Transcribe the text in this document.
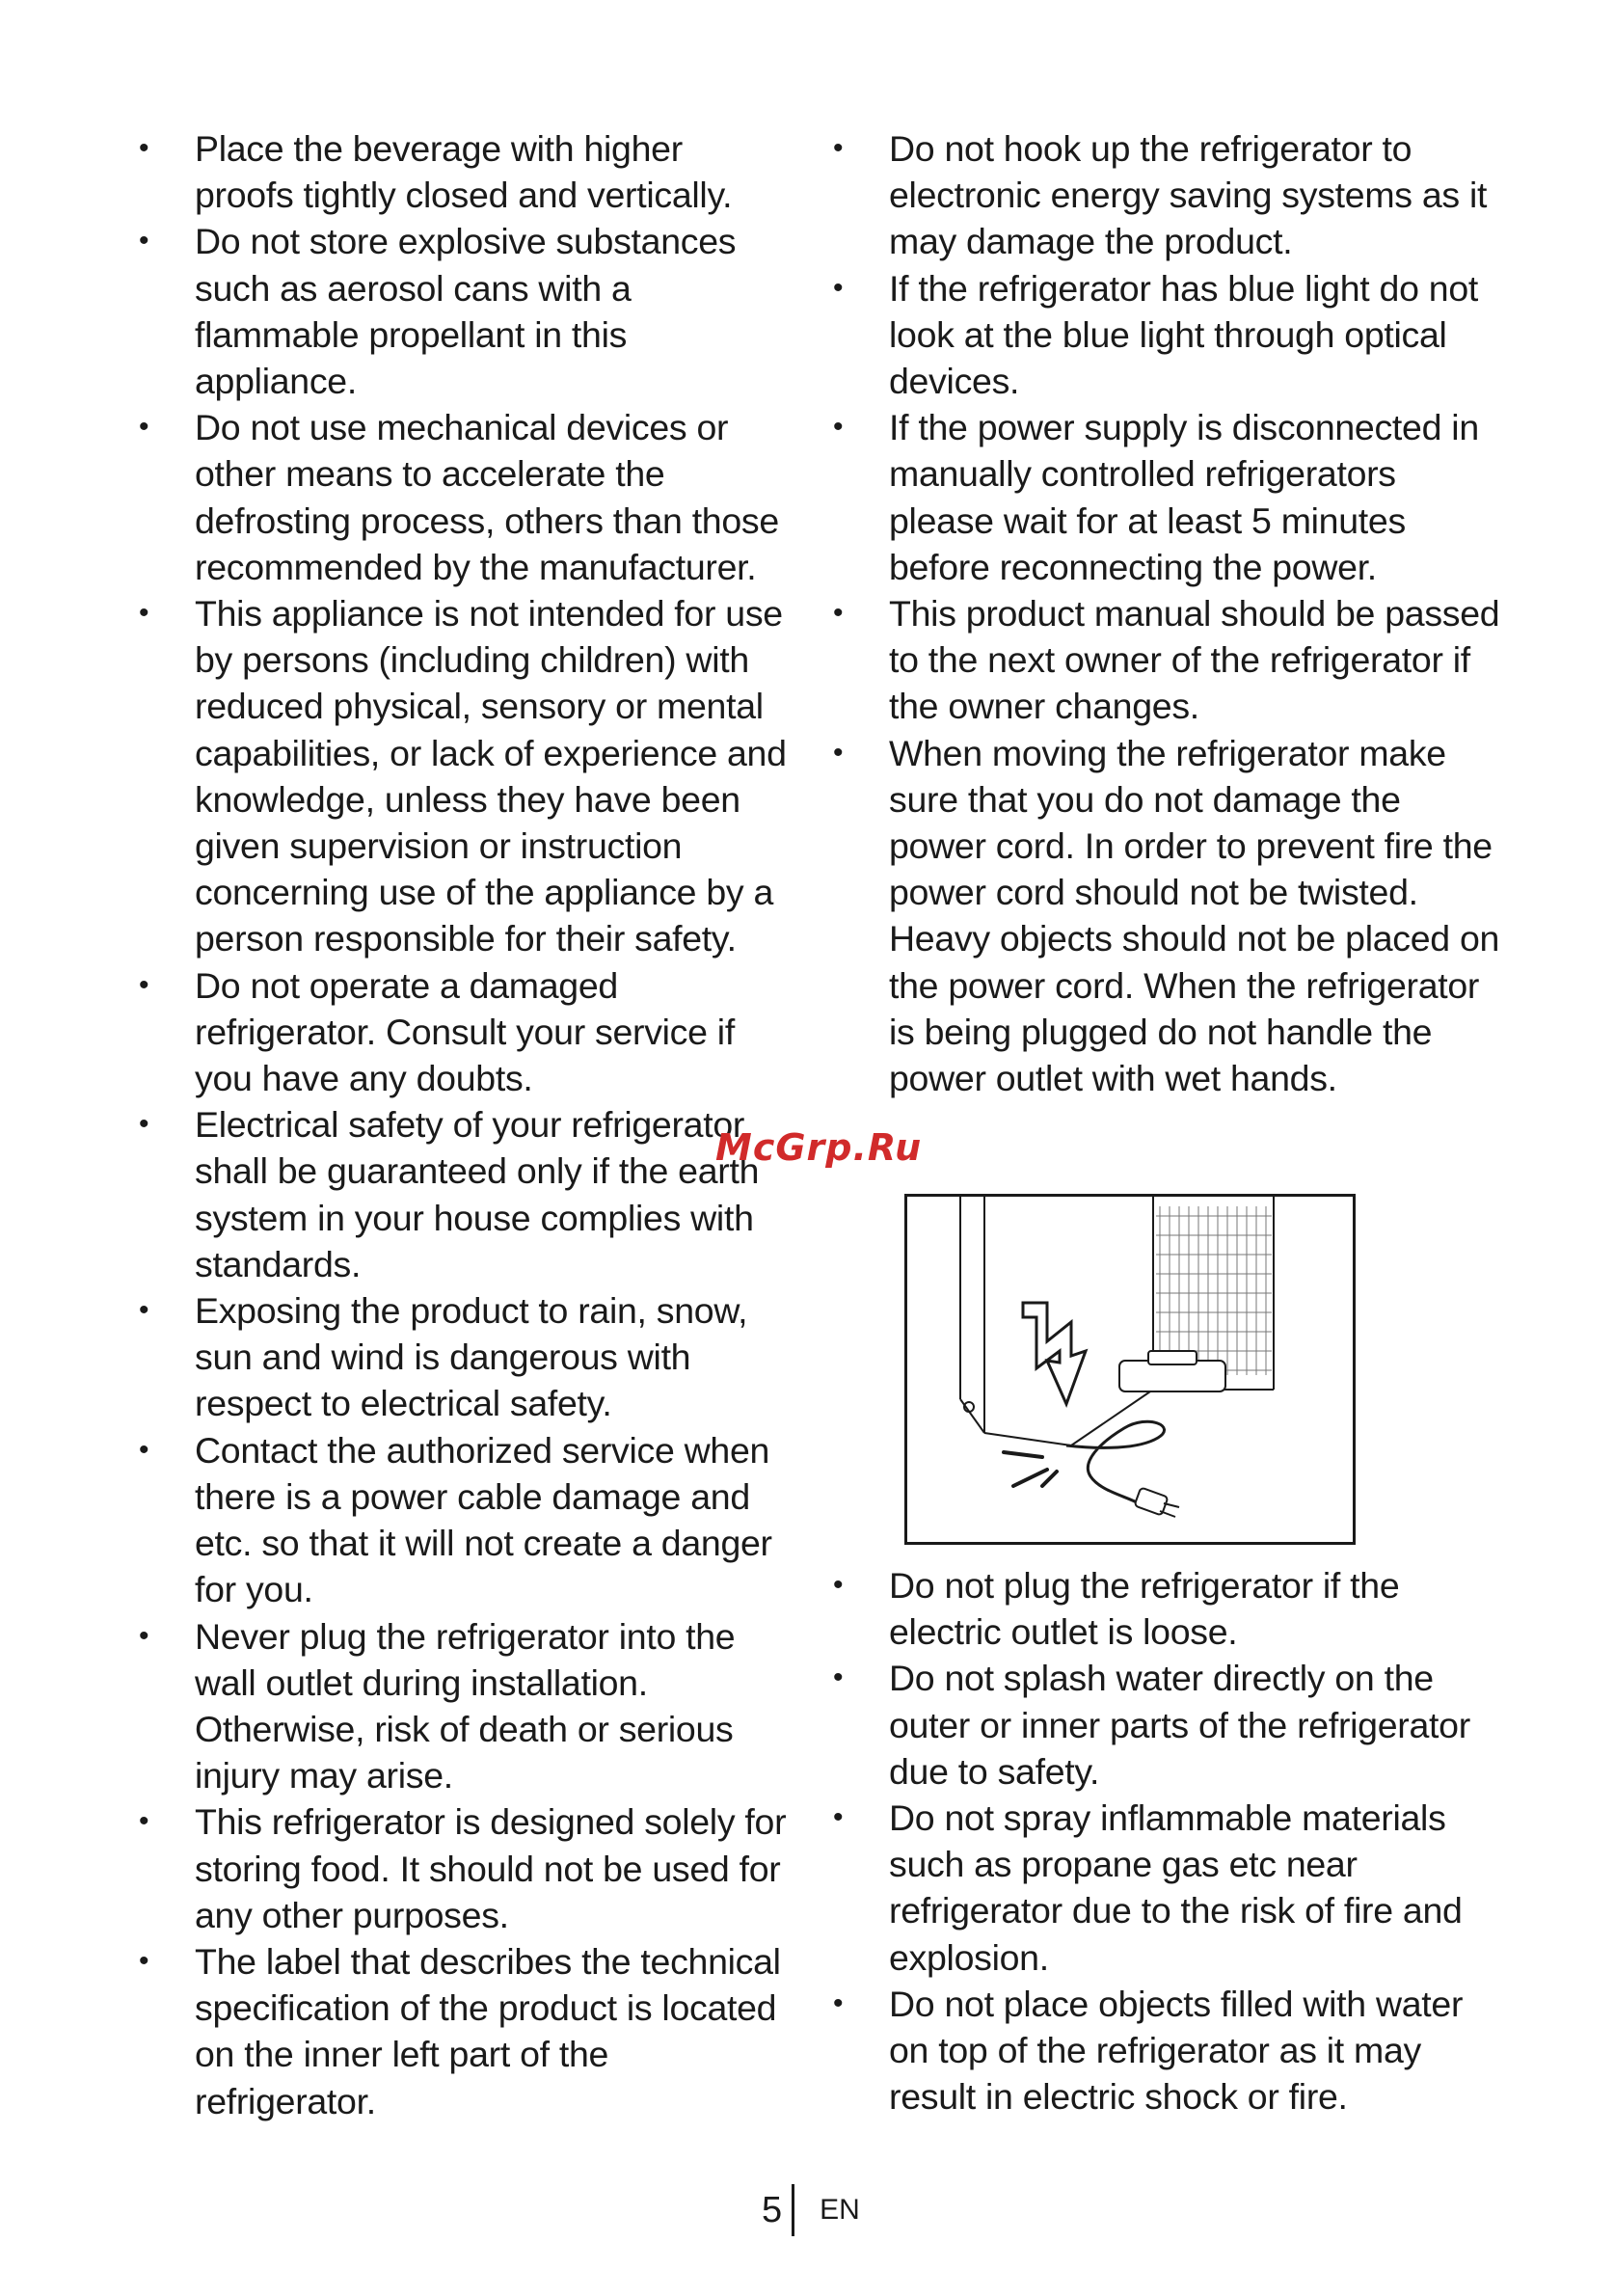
• Place the beverage with higher proofs tightly closed and vertically.
• Do not store explosive substances such as aerosol cans with a flammable propellant in this appliance.
• Do not use mechanical devices or other means to accelerate the defrosting process, others than those recommended by the manufacturer.
• This appliance is not intended for use by persons (including children) with reduced physical, sensory or mental capabilities, or lack of experience and knowledge, unless they have been given supervision or instruction concerning use of the appliance by a person responsible for their safety.
• Do not operate a damaged refrigerator. Consult your service if you have any doubts.
• Electrical safety of your refrigerator shall be guaranteed only if the earth system in your house complies with standards.
• Exposing the product to rain, snow, sun and wind is dangerous with respect to electrical safety.
• Contact the authorized service when there is a power cable damage and etc. so that it will not create a danger for you.
• Never plug the refrigerator into the wall outlet during installation. Otherwise, risk of death or serious injury may arise.
• This refrigerator is designed solely for storing food. It should not be used for any other purposes.
• The label that describes the technical specification of the product is located on the inner left part of the refrigerator.
• Do not hook up the refrigerator to electronic energy saving systems as it may damage the product.
• If the refrigerator has blue light do not look at the blue light through optical devices.
• If the power supply is disconnected in manually controlled refrigerators please wait for at least 5 minutes before reconnecting the power.
• This product manual should be passed to the next owner of the refrigerator if the owner changes.
• When moving the refrigerator make sure that you do not damage the power cord. In order to prevent fire the power cord should not be twisted. Heavy objects should not be placed on the power cord. When the refrigerator is being plugged do not handle the power outlet with wet hands.
McGrp.Ru
• Do not plug the refrigerator if the electric outlet is loose.
• Do not splash water directly on the outer or inner parts of the refrigerator due to safety.
• Do not spray inflammable materials such as propane gas etc near refrigerator due to the risk of fire and explosion.
• Do not place objects filled with water on top of the refrigerator as it may result in electric shock or fire.
5 EN
